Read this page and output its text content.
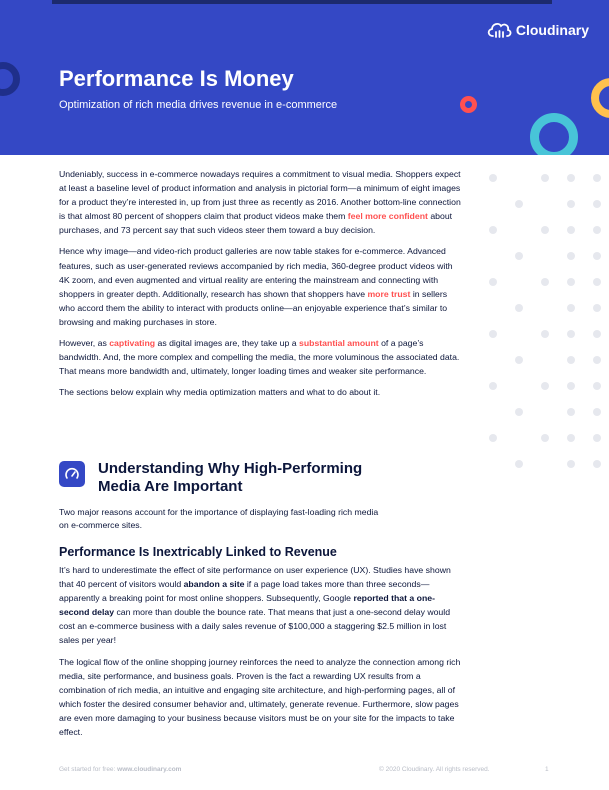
Cloudinary
Performance Is Money

Optimization of rich media drives revenue in e-commerce

Undeniably, success in e-commerce nowadays requires a commitment to visual media. Shoppers expect at least a baseline level of product information and analysis in pictorial form—a minimum of eight images for a product they’re interested in, up from just three as recently as 2016. Another bottom-line connection is that almost 80 percent of shoppers claim that product videos make them feel more confident about purchases, and 73 percent say that such videos steer them toward a buy decision.

Hence why image—and video-rich product galleries are now table stakes for e-commerce. Advanced features, such as user-generated reviews accompanied by rich media, 360-degree product videos with 4K zoom, and even augmented and virtual reality are entering the mainstream and connecting with shoppers in greater depth. Additionally, research has shown that shoppers have more trust in sellers who accord them the ability to interact with products online—an enjoyable experience that’s similar to browsing and making purchases in store.

However, as captivating as digital images are, they take up a substantial amount of a page’s bandwidth. And, the more complex and compelling the media, the more voluminous the associated data. That means more bandwidth and, ultimately, longer loading times and weaker site performance.

The sections below explain why media optimization matters and what to do about it.

Understanding Why High-Performing
Media Are Important

Two major reasons account for the importance of displaying fast-loading rich media on e-commerce sites.

Performance Is Inextricably Linked to Revenue

It’s hard to underestimate the effect of site performance on user experience (UX). Studies have shown that 40 percent of visitors would abandon a site if a page load takes more than three seconds—apparently a breaking point for most online shoppers. Subsequently, Google reported that a one-second delay can more than double the bounce rate. That means that just a one-second delay would cost an e-commerce business with a daily sales revenue of $100,000 a staggering $2.5 million in lost sales per year!

The logical flow of the online shopping journey reinforces the need to analyze the connection among rich media, site performance, and business goals. Proven is the fact a rewarding UX results from a combination of rich media, an intuitive and engaging site architecture, and high-performing pages, all of which foster the desired consumer behavior and, ultimately, generate revenue. Furthermore, slow pages are even more damaging to your business because visitors must be on your site for the impacts to take effect.

Get started for free: www.cloudinary.com	© 2020 Cloudinary. All rights reserved.	1
